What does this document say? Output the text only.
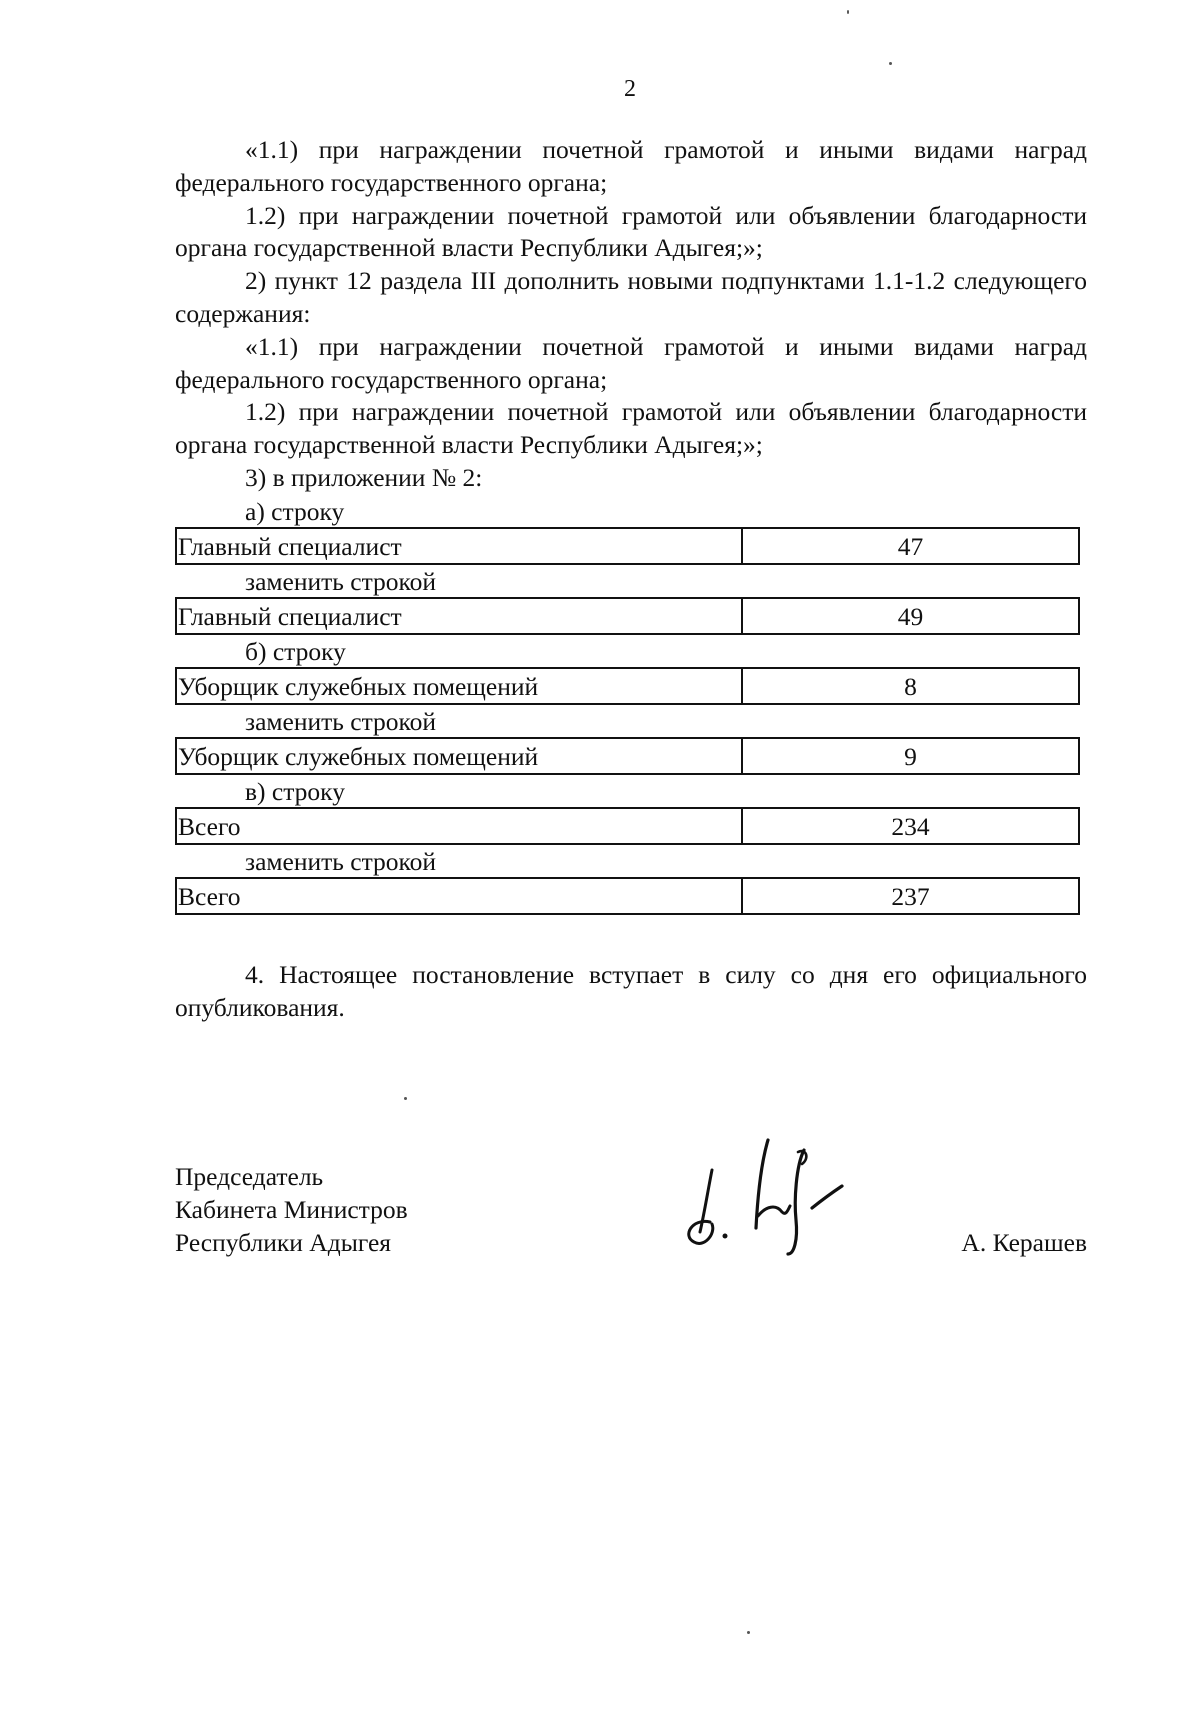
2

«1.1) при награждении почетной грамотой и иными видами наград федерального государственного органа;

1.2) при награждении почетной грамотой или объявлении благодарности органа государственной власти Республики Адыгея;»;

2) пункт 12 раздела III дополнить новыми подпунктами 1.1-1.2 следующего содержания:

«1.1) при награждении почетной грамотой и иными видами наград федерального государственного органа;

1.2) при награждении почетной грамотой или объявлении благодарности органа государственной власти Республики Адыгея;»;

3) в приложении № 2:

а) строку
Главный специалист	47
заменить строкой
Главный специалист	49
б) строку
Уборщик служебных помещений	8
заменить строкой
Уборщик служебных помещений	9
в) строку
Всего	234
заменить строкой
Всего	237

4. Настоящее постановление вступает в силу со дня его официального опубликования.

Председатель
Кабинета Министров
Республики Адыгея	А. Керашев
